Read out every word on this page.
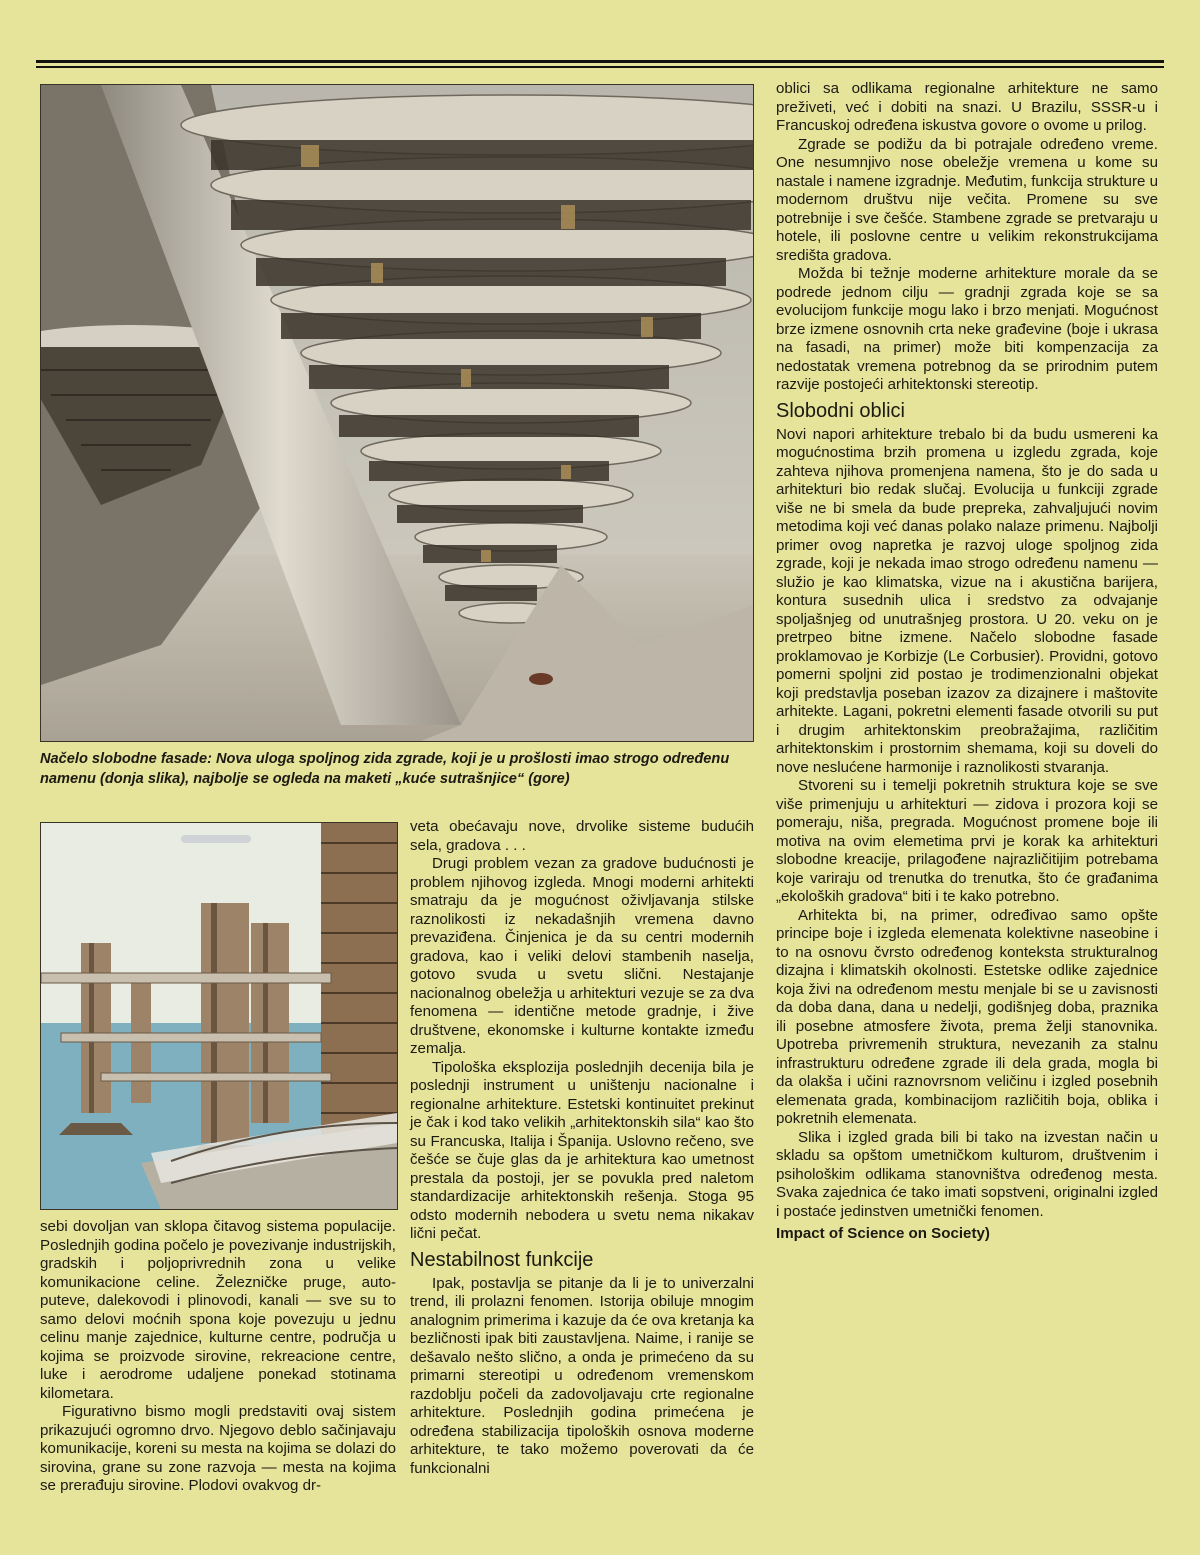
Načelo slobodne fasade: Nova uloga spoljnog zida zgrade, koji je u prošlosti imao strogo određenu namenu (donja slika), najbolje se ogleda na maketi „kuće sutrašnjice“ (gore)

sebi dovoljan van sklopa čitavog sistema populacije. Poslednjih godina počelo je povezivanje industrijskih, gradskih i poljoprivrednih zona u velike komunikacione celine. Železničke pruge, auto-puteve, dalekovodi i plinovodi, kanali — sve su to samo delovi moćnih spona koje povezuju u jednu celinu manje zajednice, kulturne centre, područja u kojima se proizvode sirovine, rekreacione centre, luke i aerodrome udaljene ponekad stotinama kilometara.

Figurativno bismo mogli predstaviti ovaj sistem prikazujući ogromno drvo. Njegovo deblo sačinjavaju komunikacije, koreni su mesta na kojima se dolazi do sirovina, grane su zone razvoja — mesta na kojima se prerađuju sirovine. Plodovi ovakvog dr-

veta obećavaju nove, drvolike sisteme budućih sela, gradova . . .

Drugi problem vezan za gradove budućnosti je problem njihovog izgleda. Mnogi moderni arhitekti smatraju da je mogućnost oživljavanja stilske raznolikosti iz nekadašnjih vremena davno prevaziđena. Činjenica je da su centri modernih gradova, kao i veliki delovi stambenih naselja, gotovo svuda u svetu slični. Nestajanje nacionalnog obeležja u arhitekturi vezuje se za dva fenomena — identične metode gradnje, i žive društvene, ekonomske i kulturne kontakte između zemalja.

Tipološka eksplozija poslednjih decenija bila je poslednji instrument u uništenju nacionalne i regionalne arhitekture. Estetski kontinuitet prekinut je čak i kod tako velikih „arhitektonskih sila“ kao što su Francuska, Italija i Španija. Uslovno rečeno, sve češće se čuje glas da je arhitektura kao umetnost prestala da postoji, jer se povukla pred naletom standardizacije arhitektonskih rešenja. Stoga 95 odsto modernih nebodera u svetu nema nikakav lični pečat.

Nestabilnost funkcije

Ipak, postavlja se pitanje da li je to univerzalni trend, ili prolazni fenomen. Istorija obiluje mnogim analognim primerima i kazuje da će ova kretanja ka bezličnosti ipak biti zaustavljena. Naime, i ranije se dešavalo nešto slično, a onda je primećeno da su primarni stereotipi u određenom vremenskom razdoblju počeli da zadovoljavaju crte regionalne arhitekture. Poslednjih godina primećena je određena stabilizacija tipoloških osnova moderne arhitekture, te tako možemo poverovati da će funkcionalni

oblici sa odlikama regionalne arhitekture ne samo preživeti, već i dobiti na snazi. U Brazilu, SSSR-u i Francuskoj određena iskustva govore o ovome u prilog.

Zgrade se podižu da bi potrajale određeno vreme. One nesumnjivo nose obeležje vremena u kome su nastale i namene izgradnje. Međutim, funkcija strukture u modernom društvu nije večita. Promene su sve potrebnije i sve češće. Stambene zgrade se pretvaraju u hotele, ili poslovne centre u velikim rekonstrukcijama središta gradova.

Možda bi težnje moderne arhitekture morale da se podrede jednom cilju — gradnji zgrada koje se sa evolucijom funkcije mogu lako i brzo menjati. Mogućnost brze izmene osnovnih crta neke građevine (boje i ukrasa na fasadi, na primer) može biti kompenzacija za nedostatak vremena potrebnog da se prirodnim putem razvije postojeći arhitektonski stereotip.

Slobodni oblici

Novi napori arhitekture trebalo bi da budu usmereni ka mogućnostima brzih promena u izgledu zgrada, koje zahteva njihova promenjena namena, što je do sada u arhitekturi bio redak slučaj. Evolucija u funkciji zgrade više ne bi smela da bude prepreka, zahvaljujući novim metodima koji već danas polako nalaze primenu. Najbolji primer ovog napretka je razvoj uloge spoljnog zida zgrade, koji je nekada imao strogo određenu namenu — služio je kao klimatska, vizue na i akustična barijera, kontura susednih ulica i sredstvo za odvajanje spoljašnjeg od unutrašnjeg prostora. U 20. veku on je pretrpeo bitne izmene. Načelo slobodne fasade proklamovao je Korbizje (Le Corbusier). Providni, gotovo pomerni spoljni zid postao je trodimenzionalni objekat koji predstavlja poseban izazov za dizajnere i maštovite arhitekte. Lagani, pokretni elementi fasade otvorili su put i drugim arhitektonskim preobražajima, različitim arhitektonskim i prostornim shemama, koji su doveli do nove neslućene harmonije i raznolikosti stvaranja.

Stvoreni su i temelji pokretnih struktura koje se sve više primenjuju u arhitekturi — zidova i prozora koji se pomeraju, niša, pregrada. Mogućnost promene boje ili motiva na ovim elemetima prvi je korak ka arhitekturi slobodne kreacije, prilagođene najrazličitijim potrebama koje variraju od trenutka do trenutka, što će građanima „ekoloških gradova“ biti i te kako potrebno.

Arhitekta bi, na primer, određivao samo opšte principe boje i izgleda elemenata kolektivne naseobine i to na osnovu čvrsto određenog konteksta strukturalnog dizajna i klimatskih okolnosti. Estetske odlike zajednice koja živi na određenom mestu menjale bi se u zavisnosti da doba dana, dana u nedelji, godišnjeg doba, praznika ili posebne atmosfere života, prema želji stanovnika. Upotreba privremenih struktura, nevezanih za stalnu infrastrukturu određene zgrade ili dela grada, mogla bi da olakša i učini raznovrsnom veličinu i izgled posebnih elemenata grada, kombinacijom različitih boja, oblika i pokretnih elemenata.

Slika i izgled grada bili bi tako na izvestan način u skladu sa opštom umetničkom kulturom, društvenim i psihološkim odlikama stanovništva određenog mesta. Svaka zajednica će tako imati sopstveni, originalni izgled i postaće jedinstven umetnički fenomen.

Impact of Science on Society)
